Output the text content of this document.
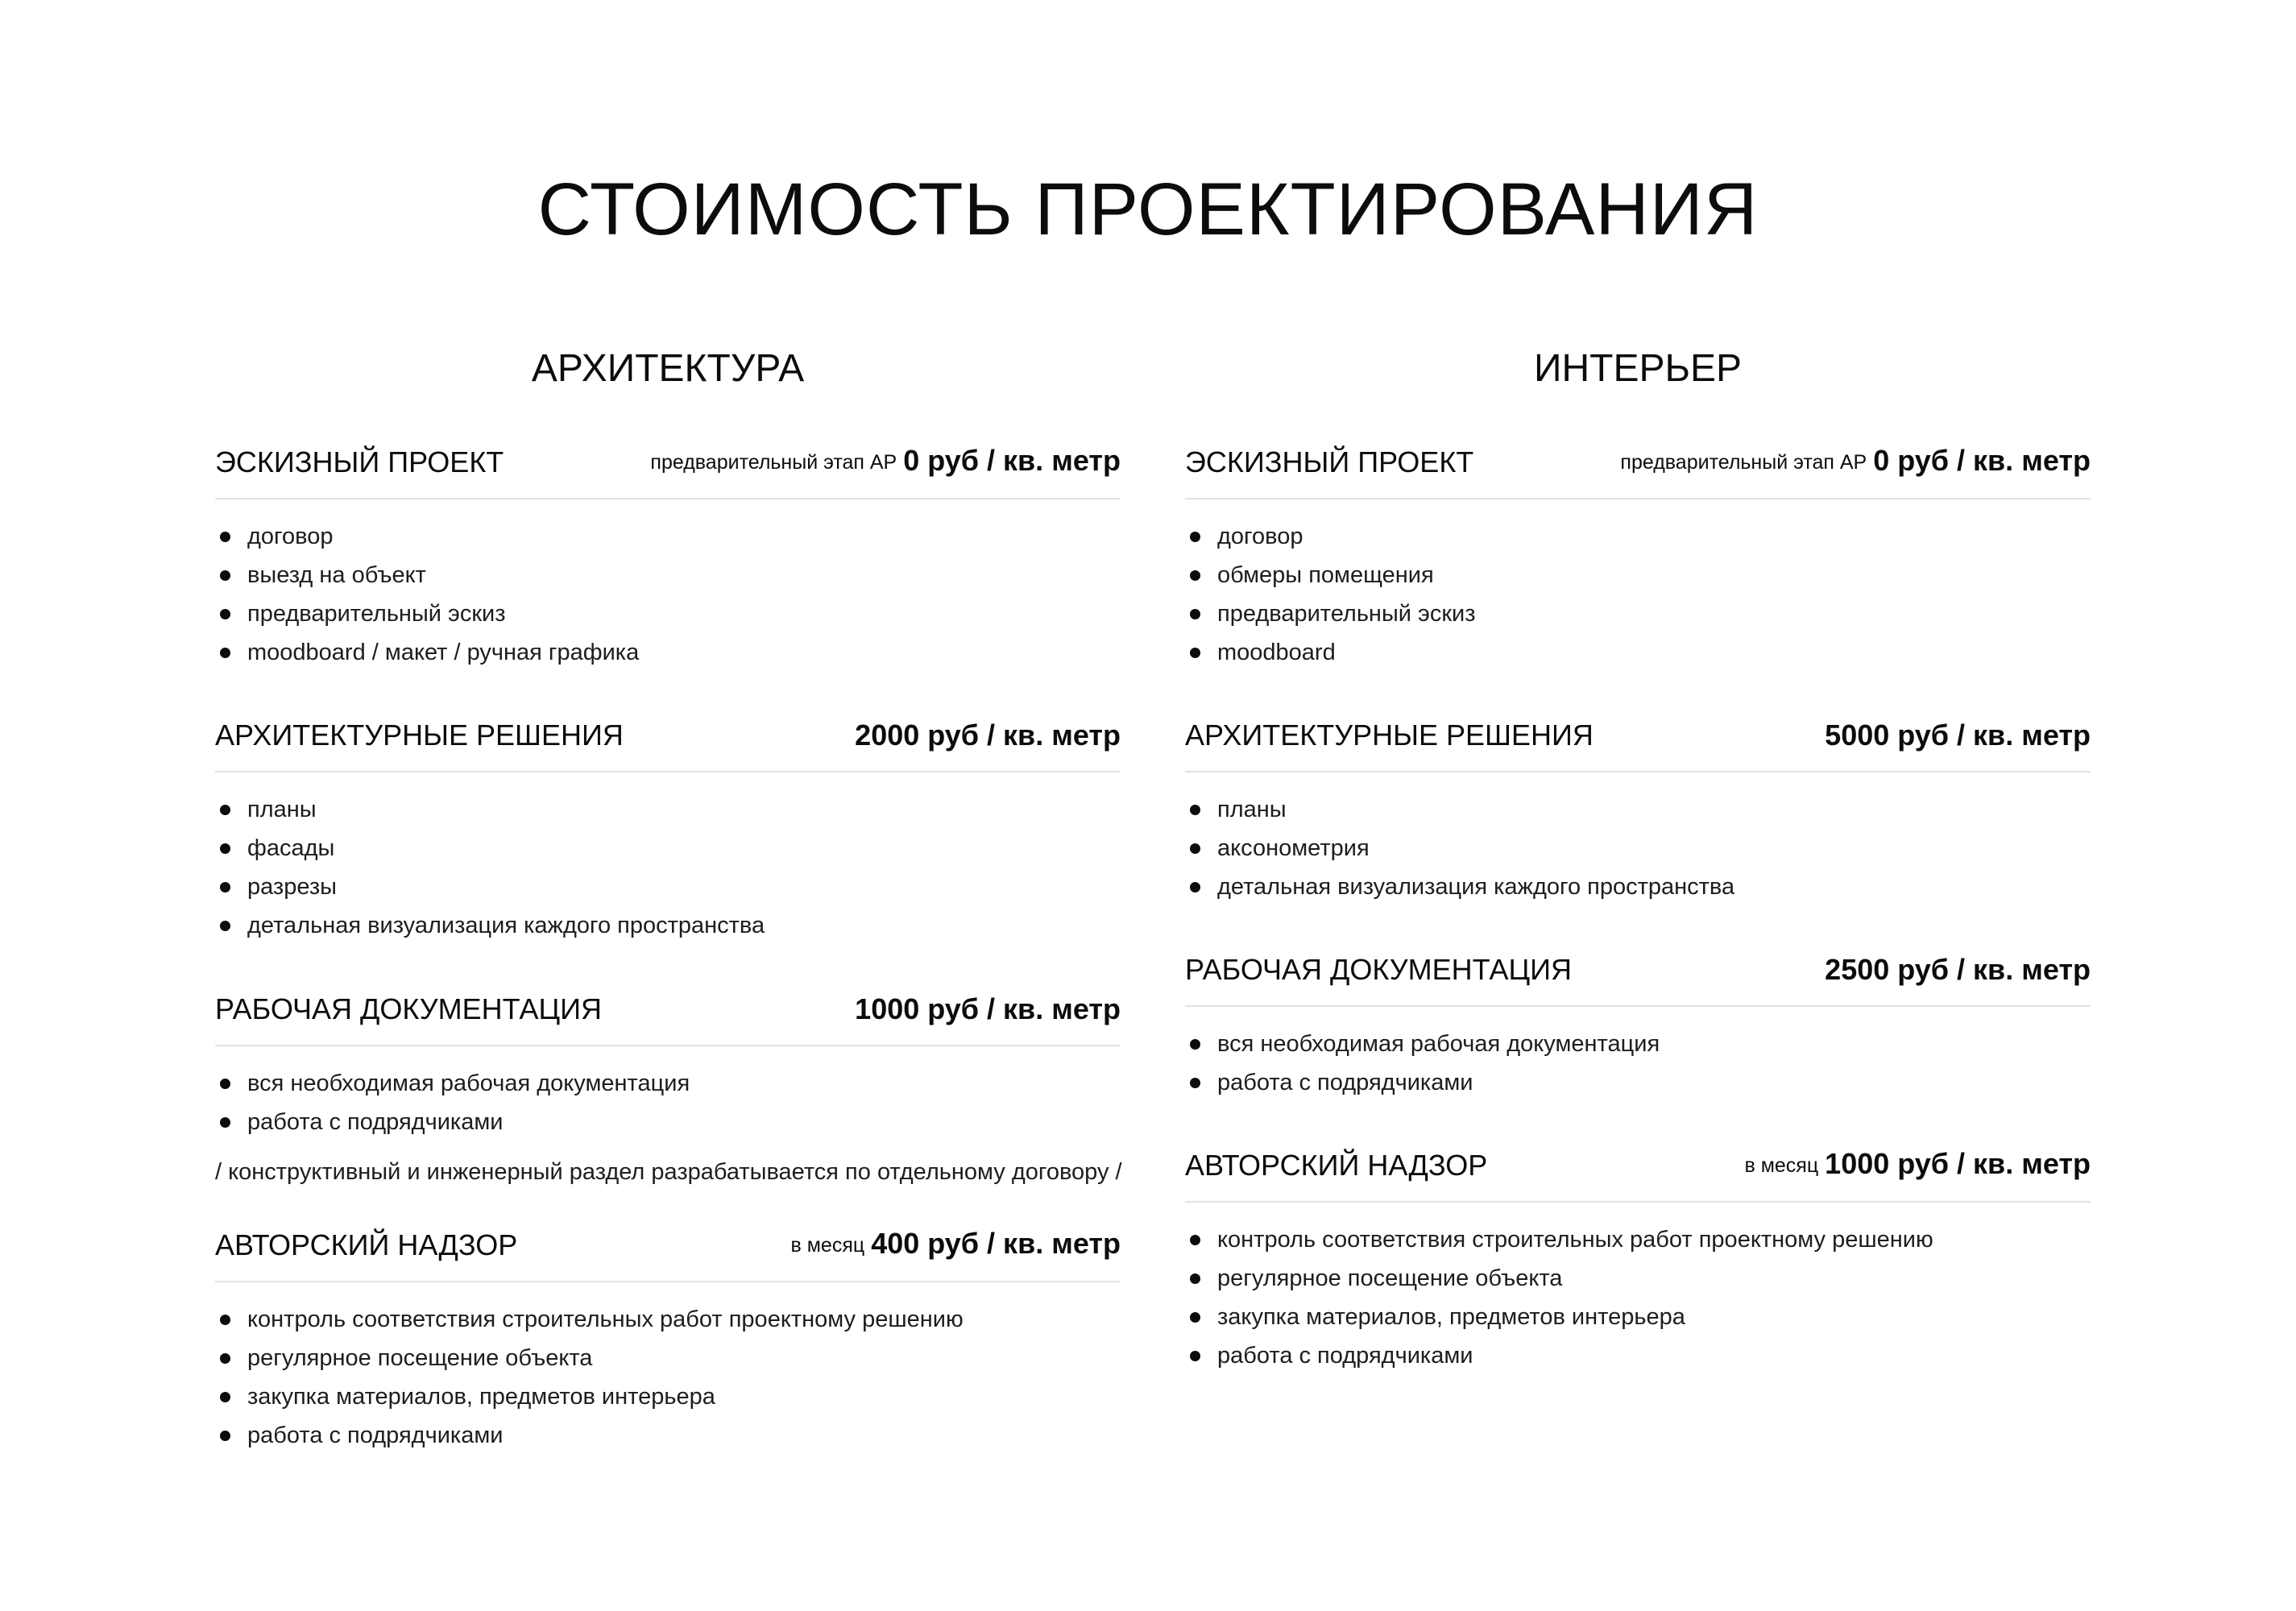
СТОИМОСТЬ ПРОЕКТИРОВАНИЯ
АРХИТЕКТУРА
ЭСКИЗНЫЙ ПРОЕКТ	предварительный этап АР 0 руб / кв. метр
договор
выезд на объект
предварительный эскиз
moodboard / макет / ручная графика
АРХИТЕКТУРНЫЕ РЕШЕНИЯ	2000 руб / кв. метр
планы
фасады
разрезы
детальная визуализация каждого пространства
РАБОЧАЯ ДОКУМЕНТАЦИЯ	1000 руб / кв. метр
вся необходимая рабочая документация
работа с подрядчиками

/ конструктивный и инженерный раздел разрабатывается по отдельному договору /

АВТОРСКИЙ НАДЗОР	в месяц 400 руб / кв. метр
контроль соответствия строительных работ проектному решению
регулярное посещение объекта
закупка материалов, предметов интерьера
работа с подрядчиками
ИНТЕРЬЕР
ЭСКИЗНЫЙ ПРОЕКТ	предварительный этап АР 0 руб / кв. метр
договор
обмеры помещения
предварительный эскиз
moodboard
АРХИТЕКТУРНЫЕ РЕШЕНИЯ	5000 руб / кв. метр
планы
аксонометрия
детальная визуализация каждого пространства
РАБОЧАЯ ДОКУМЕНТАЦИЯ	2500 руб / кв. метр
вся необходимая рабочая документация
работа с подрядчиками
АВТОРСКИЙ НАДЗОР	в месяц 1000 руб / кв. метр
контроль соответствия строительных работ проектному решению
регулярное посещение объекта
закупка материалов, предметов интерьера
работа с подрядчиками
